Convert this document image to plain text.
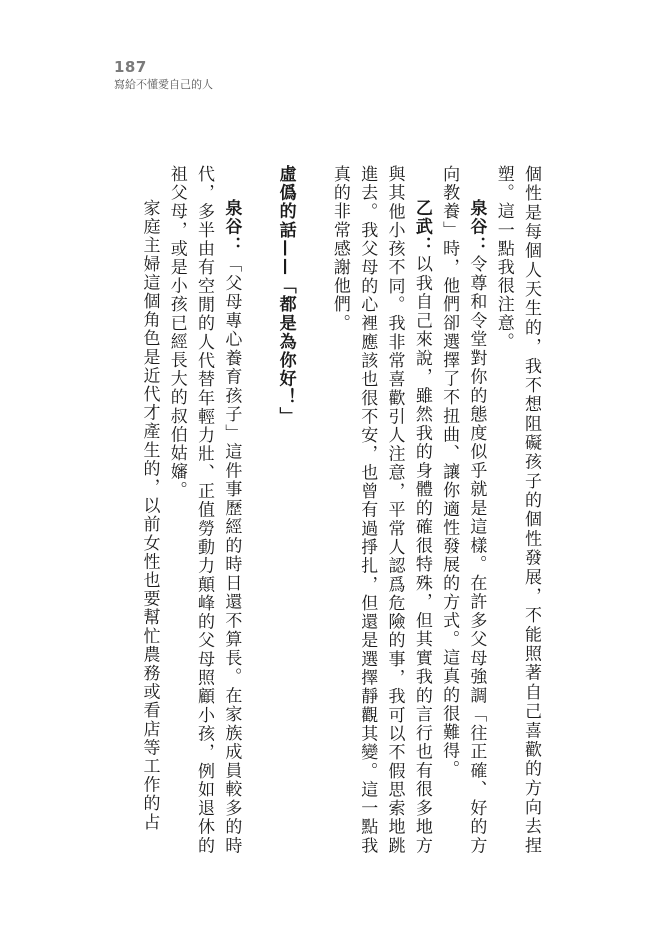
187
寫給不懂愛自己的人

個性是每個人天生的，我不想阻礙孩子的個性發展，不能照著自己喜歡的方向去捏塑。這一點我很注意。

泉谷：令尊和令堂對你的態度似乎就是這樣。在許多父母強調「往正確、好的方向教養」時，他們卻選擇了不扭曲、讓你適性發展的方式。這真的很難得。

乙武：以我自己來說，雖然我的身體的確很特殊，但其實我的言行也有很多地方與其他小孩不同。我非常喜歡引人注意，平常人認爲危險的事，我可以不假思索地跳進去。我父母的心裡應該也很不安，也曾有過掙扎，但還是選擇靜觀其變。這一點我真的非常感謝他們。

虛僞的話——「都是為你好！」

泉谷：「父母專心養育孩子」這件事歷經的時日還不算長。在家族成員較多的時代，多半由有空閒的人代替年輕力壯、正值勞動力顛峰的父母照顧小孩，例如退休的祖父母，或是小孩已經長大的叔伯姑嬸。

家庭主婦這個角色是近代才產生的，以前女性也要幫忙農務或看店等工作的占
